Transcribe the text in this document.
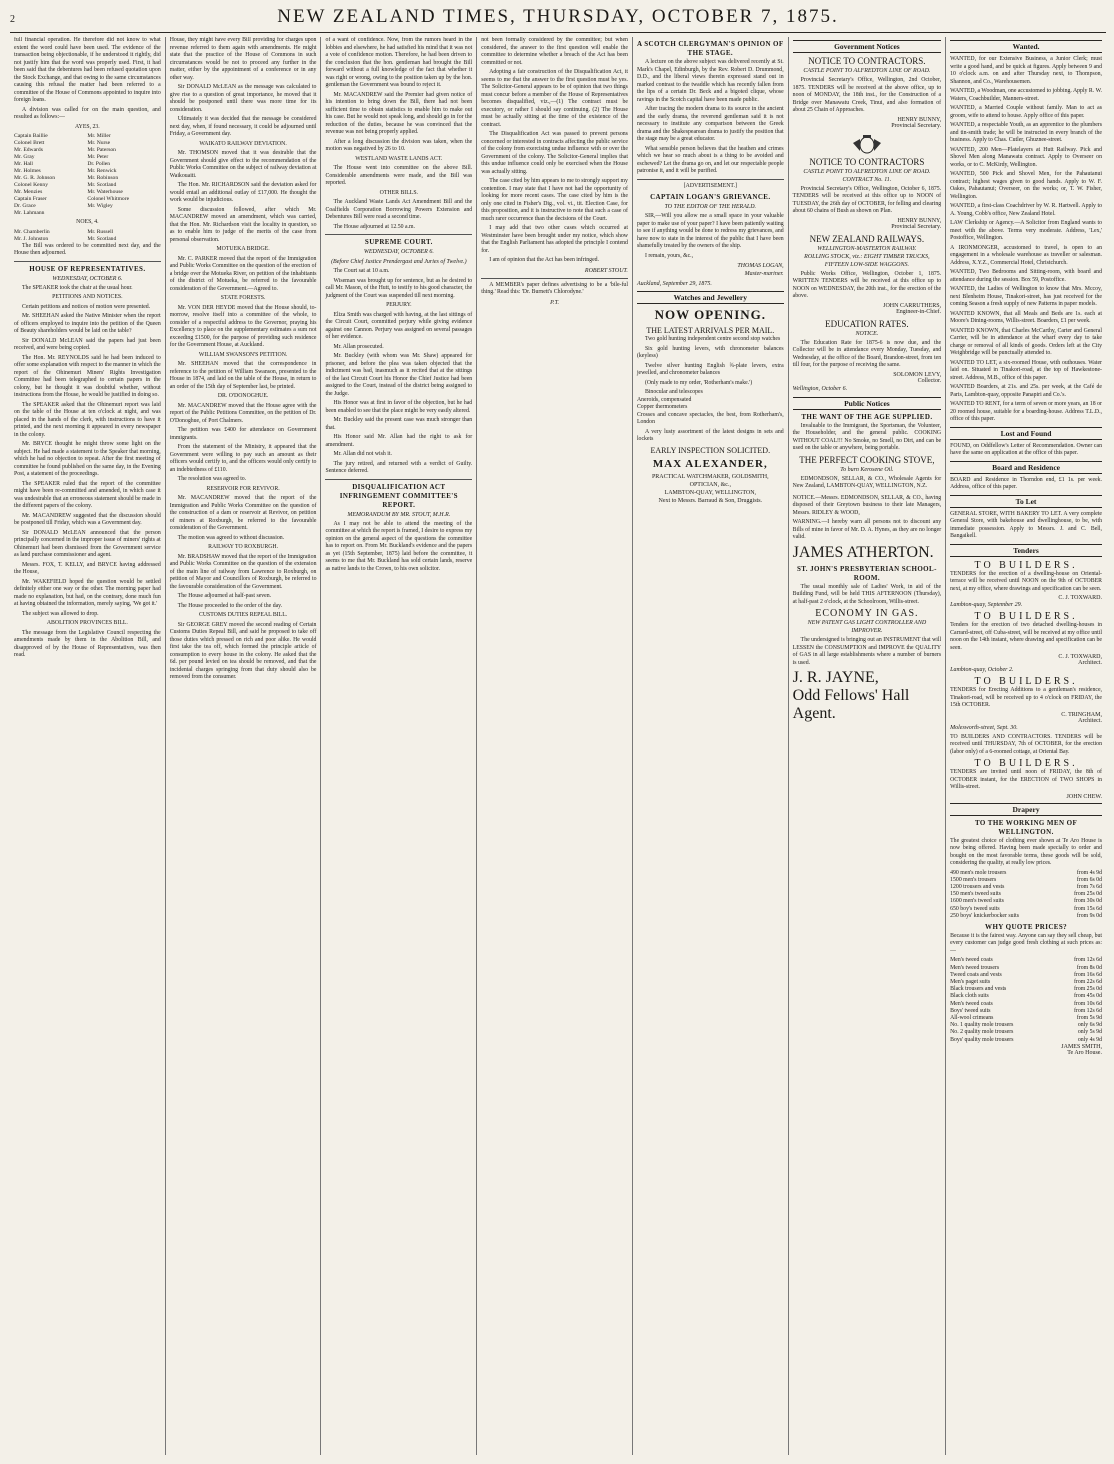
2	NEW ZEALAND TIMES, THURSDAY, OCTOBER 7, 1875.

full financial operation. He therefore did not know to what extent the word could have been used. The evidence of the transaction being objectionable, if he understood it rightly, did not justify him that the word was properly used. First, it had been said that the debentures had been refused quotation upon the Stock Exchange, and that owing to the same circumstances causing this refusal the matter had been referred to a committee of the House of Commons appointed to inquire into foreign loans.

A division was called for on the main question, and resulted as follows:—

AYES, 23.
Captain Baillie
Colonel Brett
Mr. Edwards
Mr. Gray
Mr. Hall
Mr. Holmes
Mr. G. R. Johnson
Colonel Kenny
Mr. Menzies
Captain Fraser
Dr. Grace
Mr. Lahmann
Mr. Miller
Mr. Nurse
Mr. Paterson
Mr. Peter
Dr. Pollen
Mr. Renwick
Mr. Robinson
Mr. Scotland
Mr. Waterhouse
Colonel Whitmore
Mr. Wigley
NOES, 4.
Mr. Chamberlin
Mr. J. Johnston
Mr. Russell
Mr. Scotland

The Bill was ordered to be committed next day, and the House then adjourned.

HOUSE OF REPRESENTATIVES.
WEDNESDAY, OCTOBER 6.

The SPEAKER took the chair at the usual hour.

PETITIONS AND NOTICES.

Certain petitions and notices of motion were presented.

Mr. SHEEHAN asked the Native Minister when the report of officers employed to inquire into the petition of the Queen of Beauty shareholders would be laid on the table?

Sir DONALD McLEAN said the papers had just been received, and were being copied.

The Hon. Mr. REYNOLDS said he had been induced to offer some explanation with respect to the manner in which the report of the Ohinemuri Miners' Rights Investigation Committee had been telegraphed to certain papers in the colony, but he thought it was doubtful whether, without instructions from the House, he would be justified in doing so.

The SPEAKER asked that the Ohinemuri report was laid on the table of the House at ten o'clock at night, and was placed in the hands of the clerk, with instructions to have it printed, and the next morning it appeared in every newspaper in the colony.

Mr. BRYCE thought he might throw some light on the subject. He had made a statement to the Speaker that morning, which he had no objection to repeat. After the first meeting of committee he found published on the same day, in the Evening Post, a statement of the proceedings.

The SPEAKER ruled that the report of the committee might have been re-committed and amended, in which case it was undesirable that an erroneous statement should be made in the different papers of the colony.

Mr. MACANDREW suggested that the discussion should be postponed till Friday, which was a Government day.

Sir DONALD McLEAN announced that the person principally concerned in the improper issue of miners' rights at Ohinemuri had been dismissed from the Government service as land purchase commissioner and agent.

Messrs. FOX, T. KELLY, and BRYCE having addressed the House,

Mr. WAKEFIELD hoped the question would be settled definitely either one way or the other. The morning paper had made no explanation, but had, on the contrary, done much fun at having obtained the information, merely saying, 'We got it.'

The subject was allowed to drop.

ABOLITION PROVINCES BILL.

The message from the Legislative Council respecting the amendments made by them in the Abolition Bill, and disapproved of by the House of Representatives, was then read.

House, they might have every Bill providing for charges upon revenue referred to them again with amendments. He might state that the practice of the House of Commons in such circumstances would be not to proceed any further in the matter, either by the appointment of a conference or in any other way.

Sir DONALD McLEAN as the message was calculated to give rise to a question of great importance, he moved that it should be postponed until there was more time for its consideration.

Ultimately it was decided that the message be considered next day, when, if found necessary, it could be adjourned until Friday, a Government day.

WAIKATO RAILWAY DEVIATION.

Mr. THOMSON moved that it was desirable that the Government should give effect to the recommendation of the Public Works Committee on the subject of railway deviation at Waikouaiti.

The Hon. Mr. RICHARDSON said the deviation asked for would entail an additional outlay of £17,000. He thought the work would be injudicious.

Some discussion followed, after which Mr. MACANDREW moved an amendment, which was carried, that the Hon. Mr. Richardson visit the locality in question, so as to enable him to judge of the merits of the case from personal observation.

MOTUEKA BRIDGE.

Mr. C. PARKER moved that the report of the Immigration and Public Works Committee on the question of the erection of a bridge over the Motueka River, on petition of the inhabitants of the district of Motueka, be referred to the favourable consideration of the Government.—Agreed to.

STATE FORESTS.

Mr. VON DER HEYDE moved that the House should, to-morrow, resolve itself into a committee of the whole, to consider of a respectful address to the Governor, praying his Excellency to place on the supplementary estimates a sum not exceeding £1500, for the purpose of providing such residence for the Government House, at Auckland.

WILLIAM SWANSON'S PETITION.

Mr. SHEEHAN moved that the correspondence in reference to the petition of William Swanson, presented to the House in 1874, and laid on the table of the House, in return to an order of the 15th day of September last, be printed.

DR. O'DONOGHUE.

Mr. MACANDREW moved that the House agree with the report of the Public Petitions Committee, on the petition of Dr. O'Donoghue, of Port Chalmers.

The petition was £400 for attendance on Government immigrants.

From the statement of the Ministry, it appeared that the Government were willing to pay such an amount as their officers would certify to, and the officers would only certify to an indebtedness of £110.

The resolution was agreed to.

RESERVOIR FOR REVIVOR.

Mr. MACANDREW moved that the report of the Immigration and Public Works Committee on the question of the construction of a dam or reservoir at Revivor, on petition of miners at Roxburgh, be referred to the favourable consideration of the Government.

The motion was agreed to without discussion.

RAILWAY TO ROXBURGH.

Mr. BRADSHAW moved that the report of the Immigration and Public Works Committee on the question of the extension of the main line of railway from Lawrence to Roxburgh, on petition of Mayor and Councillors of Roxburgh, be referred to the favourable consideration of the Government.

The House adjourned at half-past seven.

The House proceeded to the order of the day.

CUSTOMS DUTIES REPEAL BILL.

Sir GEORGE GREY moved the second reading of Certain Customs Duties Repeal Bill, and said he proposed to take off those duties which pressed on rich and poor alike. He would first take the tea off, which formed the principle article of consumption to every house in the colony. He asked that the 6d. per pound levied on tea should be removed, and that the incidental charges springing from that duty should also be removed from the consumer.

of a want of confidence. Now, from the rumors heard in the lobbies and elsewhere, he had satisfied his mind that it was not a vote of confidence motion. Therefore, he had been driven to the conclusion that the hon. gentleman had brought the Bill forward without a full knowledge of the fact that whether it was right or wrong, owing to the position taken up by the hon. gentleman the Government was bound to reject it.

Mr. MACANDREW said the Premier had given notice of his intention to bring down the Bill, there had not been sufficient time to obtain statistics to enable him to make out his case. But he would not speak long, and should go in for the reduction of the duties, because he was convinced that the revenue was not being properly applied.

After a long discussion the division was taken, when the motion was negatived by 26 to 10.

WESTLAND WASTE LANDS ACT.

The House went into committee on the above Bill. Considerable amendments were made, and the Bill was reported.

OTHER BILLS.

The Auckland Waste Lands Act Amendment Bill and the Coalfields Corporation Borrowing Powers Extension and Debentures Bill were read a second time.

The House adjourned at 12.50 a.m.

SUPREME COURT.
WEDNESDAY, OCTOBER 6.
(Before Chief Justice Prendergast and Juries of Twelve.)

The Court sat at 10 a.m.

Wiseman was brought up for sentence, but as he desired to call Mr. Mason, of the Hutt, to testify to his good character, the judgment of the Court was suspended till next morning.

PERJURY.

Eliza Smith was charged with having, at the last sittings of the Circuit Court, committed perjury while giving evidence against one Cannon. Perjury was assigned on several passages of her evidence.

Mr. Allan prosecuted.

Mr. Buckley (with whom was Mr. Shaw) appeared for prisoner, and before the plea was taken objected that the indictment was bad, inasmuch as it recited that at the sittings of the last Circuit Court his Honor the Chief Justice had been assigned to the Court, instead of the district being assigned to the Judge.

His Honor was at first in favor of the objection, but he had been enabled to see that the place might be very easily altered.

Mr. Buckley said the present case was much stronger than that.

His Honor said Mr. Allan had the right to ask for amendment.

Mr. Allan did not wish it.

The jury retired, and returned with a verdict of Guilty. Sentence deferred.

DISQUALIFICATION ACT INFRINGEMENT COMMITTEE'S REPORT.
MEMORANDUM BY MR. STOUT, M.H.R.

As I may not be able to attend the meeting of the committee at which the report is framed, I desire to express my opinion on the general aspect of the questions the committee has to report on. From Mr. Buckland's evidence and the papers as yet (15th September, 1875) laid before the committee, it seems to me that Mr. Buckland has sold certain lands, reserve as native lands to the Crown, to his own solicitor.

not been formally considered by the committee; but when considered, the answer to the first question will enable the committee to determine whether a breach of the Act has been committed or not.

Adopting a fair construction of the Disqualification Act, it seems to me that the answer to the first question must be yes. The Solicitor-General appears to be of opinion that two things must concur before a member of the House of Representatives becomes disqualified, viz.,—(1) The contract must be executory, or rather I should say continuing. (2) The House must be actually sitting at the time of the existence of the contract.

The Disqualification Act was passed to prevent persons concerned or interested in contracts affecting the public service of the colony from exercising undue influence with or over the Government of the colony. The Solicitor-General implies that this undue influence could only be exercised when the House was actually sitting.

The case cited by him appears to me to strongly support my contention. I may state that I have not had the opportunity of looking for more recent cases. The case cited by him is the only one cited in Fisher's Dig., vol. vi., tit. Election Case, for this proposition, and it is instructive to note that such a case of much rarer occurrence than the decisions of the Court.

I may add that two other cases which occurred at Westminster have been brought under my notice, which show that the English Parliament has adopted the principle I contend for.

I am of opinion that the Act has been infringed.

ROBERT STOUT.

A MEMBER's paper defines advertising to be a 'bile-ful thing.' Read this: 'Dr. Burnett's Chlorodyne.'

P.T.
A SCOTCH CLERGYMAN'S OPINION OF THE STAGE.

A lecture on the above subject was delivered recently at St. Mark's Chapel, Edinburgh, by the Rev. Robert D. Drummond, D.D., and the liberal views therein expressed stand out in marked contrast to the twaddle which has recently fallen from the lips of a certain Dr. Beck and a bigoted clique, whose ravings in the Scotch capital have been made public.

After tracing the modern drama to its source in the ancient and the early drama, the reverend gentleman said it is not necessary to institute any comparison between the Greek drama and the Shakespearean drama to justify the position that the stage may be a great educator.

What sensible person believes that the heathen and crimes which we hear so much about is a thing to be avoided and eschewed? Let the drama go on, and let our respectable people patronise it, and it will be purified.

[ADVERTISEMENT.]
CAPTAIN LOGAN'S GRIEVANCE.
TO THE EDITOR OF THE HERALD.

SIR,—Will you allow me a small space in your valuable paper to make use of your paper? I have been patiently waiting to see if anything would be done to redress my grievances, and have now to state in the interest of the public that I have been shamefully treated by the owners of the ship.

I remain, yours, &c.,

THOMAS LOGAN,
Master-mariner.
Auckland, September 29, 1875.
Watches and Jewellery
NOW OPENING.
THE LATEST ARRIVALS PER MAIL.

Two gold hunting independent centre second stop watches

Six gold hunting levers, with chronometer balances (keyless)

Twelve silver hunting English ¾-plate levers, extra jewelled, and chronometer balances

(Only made to my order, 'Rotherham's make.')

Binocular and telescopes
Aneroids, compensated
Copper thermometers
Crosses and concave spectacles, the best, from Rotherham's, London

A very lusty assortment of the latest designs in sets and lockets

EARLY INSPECTION SOLICITED.
MAX ALEXANDER,
PRACTICAL WATCHMAKER, GOLDSMITH, OPTICIAN, &c.,
LAMBTON-QUAY, WELLINGTON,
Next to Messrs. Barraud & Son, Druggists.
Government Notices
NOTICE TO CONTRACTORS.
CASTLE POINT TO ALFREDTON LINE OF ROAD.

Provincial Secretary's Office, Wellington, 2nd October, 1875. TENDERS will be received at the above office, up to noon of MONDAY, the 18th inst., for the Construction of a Bridge over Manawatu Creek, Tinui, and also formation of about 25 Chain of Approaches.

HENRY BUNNY,
Provincial Secretary.
NOTICE TO CONTRACTORS
CASTLE POINT TO ALFREDTON LINE OF ROAD.
CONTRACT No. 11.

Provincial Secretary's Office, Wellington, October 6, 1875. TENDERS will be received at this office up to NOON of TUESDAY, the 26th day of OCTOBER, for felling and clearing about 60 chains of Bush as shown on Plan.

HENRY BUNNY,
Provincial Secretary.
NEW ZEALAND RAILWAYS.
WELLINGTON-MASTERTON RAILWAY.
ROLLING STOCK, viz.: EIGHT TIMBER TRUCKS, FIFTEEN LOW-SIDE WAGGONS.

Public Works Office, Wellington, October 1, 1875. WRITTEN TENDERS will be received at this office up to NOON on WEDNESDAY, the 20th inst., for the erection of the above.

JOHN CARRUTHERS,
Engineer-in-Chief.
EDUCATION RATES.
NOTICE.

The Education Rate for 1875-6 is now due, and the Collector will be in attendance every Monday, Tuesday, and Wednesday, at the office of the Board, Brandon-street, from ten till four, for the purpose of receiving the same.

SOLOMON LEVY,
Collector.
Wellington, October 6.
Public Notices
THE WANT OF THE AGE SUPPLIED.

Invaluable to the Immigrant, the Sportsman, the Volunteer, the Householder, and the general public. COOKING WITHOUT COAL!!! No Smoke, no Smell, no Dirt, and can be used on the table or anywhere, being portable.

THE PERFECT COOKING STOVE,
To burn Kerosene Oil.

EDMONDSON, SELLAR, & CO., Wholesale Agents for New Zealand, LAMBTON-QUAY, WELLINGTON, N.Z.

NOTICE.—Messrs. EDMONDSON, SELLAR, & CO., having disposed of their Greytown business to their late Managers, Messrs. RIDLEY & WOOD,

WARNING.—I hereby warn all persons not to discount any Bills of mine in favor of Mr. D. A. Hynes, as they are no longer valid.

JAMES ATHERTON.
ST. JOHN'S PRESBYTERIAN SCHOOL-ROOM.

The usual monthly sale of Ladies' Work, in aid of the Building Fund, will be held THIS AFTERNOON (Thursday), at half-past 2 o'clock, at the Schoolroom, Willis-street.

ECONOMY IN GAS.
NEW PATENT GAS LIGHT CONTROLLER AND IMPROVER.

The undersigned is bringing out an INSTRUMENT that will LESSEN the CONSUMPTION and IMPROVE the QUALITY of GAS in all large establishments where a number of burners is used.

J. R. JAYNE,
Odd Fellows' Hall Agent.
Wanted.

WANTED, for our Extensive Business, a Junior Clerk; must write a good hand, and be quick at figures. Apply between 9 and 10 o'clock a.m. on and after Thursday next, to Thompson, Shannon, and Co., Warehousemen.

WANTED, a Woodman, one accustomed to jobbing. Apply R. W. Waters, Coachbuilder, Manners-street.

WANTED, a Married Couple without family. Man to act as groom, wife to attend to house. Apply office of this paper.

WANTED, a respectable Youth, as an apprentice to the plumbers and tin-smith trade; he will be instructed in every branch of the business. Apply to Chas. Cutler, Ghuznee-street.

WANTED, 200 Men—Platelayers at Hutt Railway. Pick and Shovel Men along Manawatu contract. Apply to Overseer on works, or to C. McKirdy, Wellington.

WANTED, 500 Pick and Shovel Men, for the Pahautanui contract; highest wages given to good hands. Apply to W. F. Oakes, Pahautanui; Overseer, on the works; or, T. W. Fisher, Wellington.

WANTED, a first-class Coachdriver by W. R. Hartwell. Apply to A. Young, Cobb's office, New Zealand Hotel.

LAW Clerkship or Agency.—A Solicitor from England wants to meet with the above. Terms very moderate. Address, 'Lex,' Postoffice, Wellington.

A IRONMONGER, accustomed to travel, is open to an engagement in a wholesale warehouse as traveller or salesman. Address, X.Y.Z., Commercial Hotel, Christchurch.

WANTED, Two Bedrooms and Sitting-room, with board and attendance during the session. Box 59, Postoffice.

WANTED, the Ladies of Wellington to know that Mrs. Mccoy, next Blenheim House, Tinakori-street, has just received for the coming Season a fresh supply of new Patterns in paper models.

WANTED KNOWN, that all Meals and Beds are 1s. each at Moore's Dining-rooms, Willis-street. Boarders, £1 per week.

WANTED KNOWN, that Charles McCarthy, Carter and General Carrier, will be in attendance at the wharf every day to take charge or removal of all kinds of goods. Orders left at the City Weighbridge will be punctually attended to.

WANTED TO LET, a six-roomed House, with outhouses. Water laid on. Situated in Tinakori-road, at the top of Hawkestone-street. Address, M.B., office of this paper.

WANTED Boarders, at 21s. and 25s. per week, at the Café de Paris, Lambton-quay, opposite Panapiri and Co.'s.

WANTED TO RENT, for a term of seven or more years, an 18 or 20 roomed house, suitable for a boarding-house. Address T.L.D., office of this paper.

Lost and Found

FOUND, on Oddfellow's Letter of Recommendation. Owner can have the same on application at the office of this paper.

Board and Residence

BOARD and Residence in Thorndon end, £1 1s. per week. Address, office of this paper.

To Let

GENERAL STORE, WITH BAKERY TO LET. A very complete General Store, with bakehouse and dwellinghouse, to be, with immediate possession. Apply to Messrs. J. and C. Bell, Bangaikell.

Tenders
TO BUILDERS.

TENDERS for the erection of a dwelling-house on Oriental-terrace will be received until NOON on the 9th of OCTOBER next, at my office, where drawings and specification can be seen.

C. J. TOXWARD.
Lambton-quay, September 29.
TO BUILDERS.

Tenders for the erection of two detached dwelling-houses in Carrard-street, off Cuba-street, will be received at my office until noon on the 14th instant, where drawing and specification can be seen.

C. J. TOXWARD,
Architect.
Lambton-quay, October 2.
TO BUILDERS.

TENDERS for Erecting Additions to a gentleman's residence, Tinakori-road, will be received up to 4 o'clock on FRIDAY, the 15th OCTOBER.

C. TRINGHAM,
Architect.
Molesworth-street, Sept. 30.

TO BUILDERS AND CONTRACTORS. TENDERS will be received until THURSDAY, 7th of OCTOBER, for the erection (labor only) of a 6-roomed cottage, at Oriental Bay.

TO BUILDERS.

TENDERS are invited until noon of FRIDAY, the 8th of OCTOBER instant, for the ERECTION of TWO SHOPS in Willis-street.

JOHN CHEW.
Drapery
TO THE WORKING MEN OF WELLINGTON.

The greatest choice of clothing ever shown at Te Aro House is now being offered. Having been made specially to order and bought on the most favorable terms, these goods will be sold, considering the quality, at really low prices.

490 men's mole trousers	from 4s 9d
1500 men's trousers	from 6s 0d
1200 trousers and vests	from 7s 6d
150 men's tweed suits	from 25s 0d
1600 men's tweed suits	from 30s 0d
650 boy's tweed suits	from 15s 6d
250 boys' knickerbocker suits	from 9s 0d
WHY QUOTE PRICES?

Because it is the fairest way. Anyone can say they sell cheap, but every customer can judge good fresh clothing at such prices as:—

Men's tweed coats	from 12s 6d
Men's tweed trousers	from 8s 0d
Tweed coats and vests	from 16s 6d
Men's paget suits	from 22s 6d
Black trousers and vests	from 25s 0d
Black cloth suits	from 45s 0d
Men's tweed coats	from 10s 6d
Boys' tweed suits	from 12s 6d
All-wool crimeans	from 5s 9d
No. 1 quality mole trousers	only 6s 9d
No. 2 quality mole trousers	only 5s 9d
Boys' quality mole trousers	only 4s 9d
JAMES SMITH,
Te Aro House.
